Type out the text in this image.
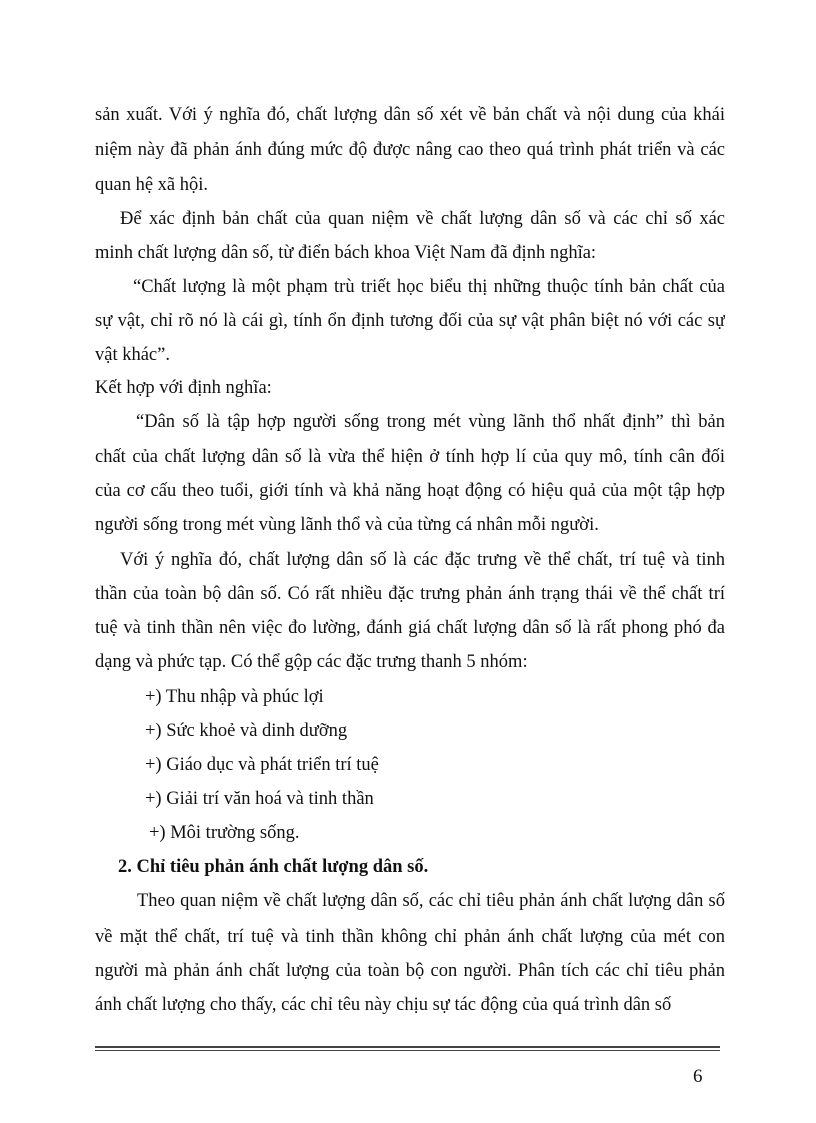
sản xuất. Với ý nghĩa đó, chất lượng dân số xét về bản chất và nội dung của khái
niệm này đã phản ánh đúng mức độ được nâng cao theo quá trình phát triển và các
quan hệ xã hội.
Để xác định bản chất của quan niệm về chất lượng dân số và các chỉ số xác
minh chất lượng dân số, từ điển bách khoa Việt Nam đã định nghĩa:
“Chất lượng là một phạm trù triết học biểu thị những thuộc tính bản chất của
sự vật, chỉ rõ nó là cái gì, tính ổn định tương đối của sự vật phân biệt nó với các sự
vật khác”.
Kết hợp với định nghĩa:
“Dân số là tập hợp người sống trong mét vùng lãnh thổ nhất định” thì bản
chất của chất lượng dân số là vừa thể hiện ở tính hợp lí của quy mô, tính cân đối
của cơ cấu theo tuổi, giới tính và khả năng hoạt động có hiệu quả của một tập hợp
người sống trong mét vùng lãnh thổ và của từng cá nhân mỗi người.
Với ý nghĩa đó, chất lượng dân số là các đặc trưng về thể chất, trí tuệ và tinh
thần của toàn bộ dân số. Có rất nhiều đặc trưng phản ánh trạng thái về thể chất trí
tuệ và tinh thần nên việc đo lường, đánh giá chất lượng dân số là rất phong phó đa
dạng và phức tạp. Có thể gộp các đặc trưng thanh 5 nhóm:
+) Thu nhập và phúc lợi
+) Sức khoẻ và dinh dưỡng
+) Giáo dục và phát triển trí tuệ
+) Giải trí văn hoá và tinh thần
+) Môi trường sống.
2. Chỉ tiêu phản ánh chất lượng dân số.
Theo quan niệm về chất lượng dân số, các chỉ tiêu phản ánh chất lượng dân số
về mặt thể chất, trí tuệ và tinh thần không chỉ phản ánh chất lượng của mét con
người mà phản ánh chất lượng của toàn bộ con người. Phân tích các chỉ tiêu phản
ánh chất lượng cho thấy, các chỉ têu này chịu sự tác động của quá trình dân số
6
